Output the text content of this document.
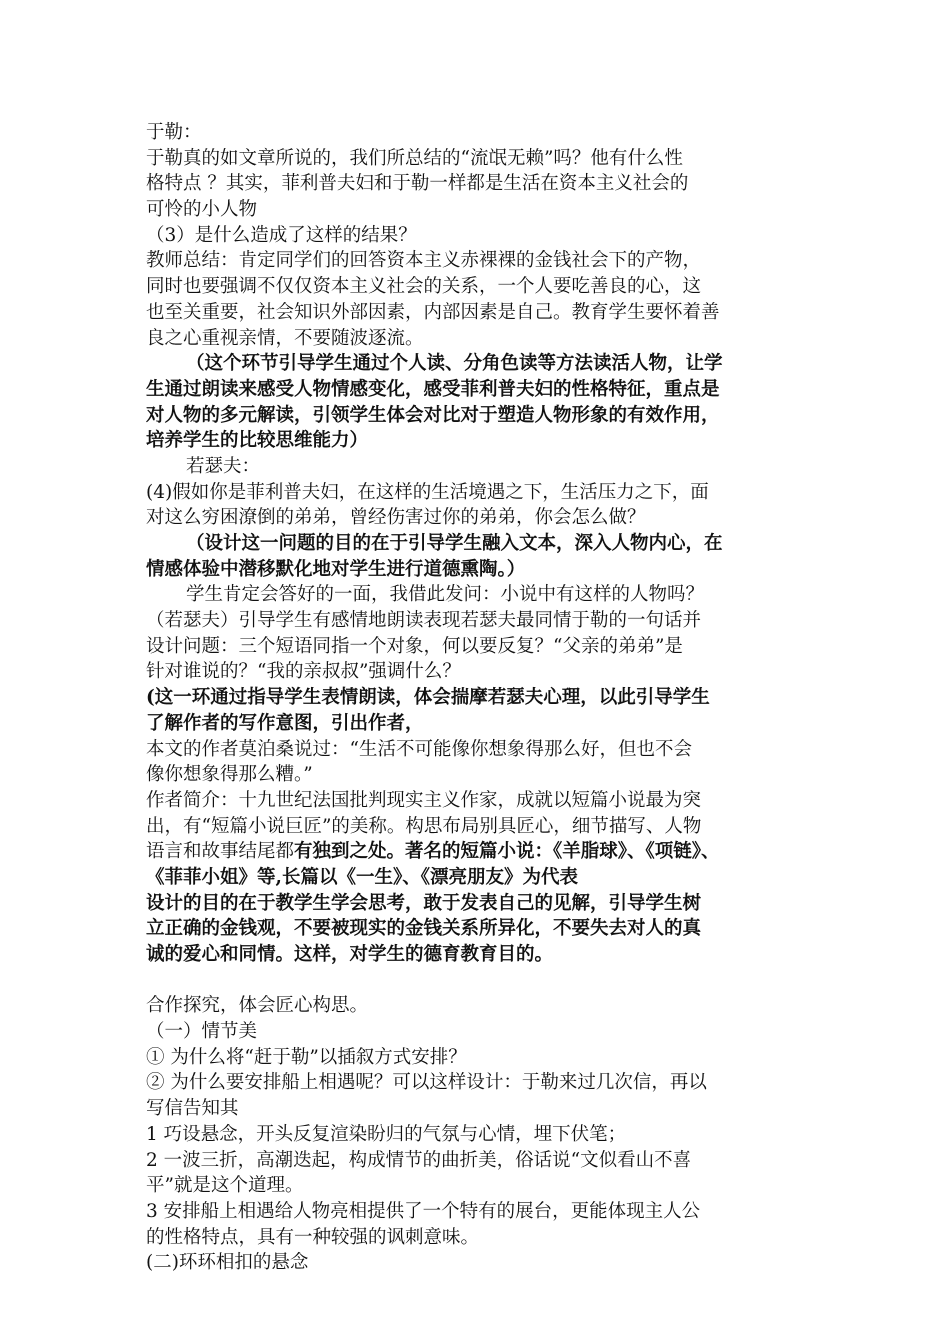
于勒：
于勒真的如文章所说的，我们所总结的“流氓无赖”吗？他有什么性
格特点 ？其实，菲利普夫妇和于勒一样都是生活在资本主义社会的
可怜的小人物
（3）是什么造成了这样的结果？
教师总结：肯定同学们的回答资本主义赤裸裸的金钱社会下的产物，
同时也要强调不仅仅资本主义社会的关系，一个人要吃善良的心，这
也至关重要，社会知识外部因素，内部因素是自己。教育学生要怀着善
良之心重视亲情，不要随波逐流。
（这个环节引导学生通过个人读、分角色读等方法读活人物，让学
生通过朗读来感受人物情感变化，感受菲利普夫妇的性格特征，重点是
对人物的多元解读，引领学生体会对比对于塑造人物形象的有效作用，
培养学生的比较思维能力）
若瑟夫：
(4)假如你是菲利普夫妇，在这样的生活境遇之下，生活压力之下，面
对这么穷困潦倒的弟弟，曾经伤害过你的弟弟，你会怎么做？
（设计这一问题的目的在于引导学生融入文本，深入人物内心，在
情感体验中潜移默化地对学生进行道德熏陶。）
学生肯定会答好的一面，我借此发问：小说中有这样的人物吗？
（若瑟夫）引导学生有感情地朗读表现若瑟夫最同情于勒的一句话并
设计问题：三个短语同指一个对象，何以要反复？“父亲的弟弟”是
针对谁说的？“我的亲叔叔”强调什么？
(这一环通过指导学生表情朗读，体会揣摩若瑟夫心理，以此引导学生
了解作者的写作意图，引出作者，
本文的作者莫泊桑说过：“生活不可能像你想象得那么好，但也不会
像你想象得那么糟。”
作者简介：十九世纪法国批判现实主义作家，成就以短篇小说最为突
出，有“短篇小说巨匠”的美称。构思布局别具匠心，细节描写、人物
语言和故事结尾都有独到之处。著名的短篇小说：《羊脂球》、《项链》、
《菲菲小姐》等,长篇以《一生》、《漂亮朋友》为代表
设计的目的在于教学生学会思考，敢于发表自己的见解，引导学生树
立正确的金钱观，不要被现实的金钱关系所异化，不要失去对人的真
诚的爱心和同情。这样，对学生的德育教育目的。
合作探究，体会匠心构思。
（一）情节美
① 为什么将“赶于勒”以插叙方式安排？
② 为什么要安排船上相遇呢？可以这样设计：于勒来过几次信，再以
写信告知其
1 巧设悬念，开头反复渲染盼归的气氛与心情，埋下伏笔；
2 一波三折，高潮迭起，构成情节的曲折美，俗话说“文似看山不喜
平”就是这个道理。
3 安排船上相遇给人物亮相提供了一个特有的展台，更能体现主人公
的性格特点，具有一种较强的讽刺意味。
(二)环环相扣的悬念
